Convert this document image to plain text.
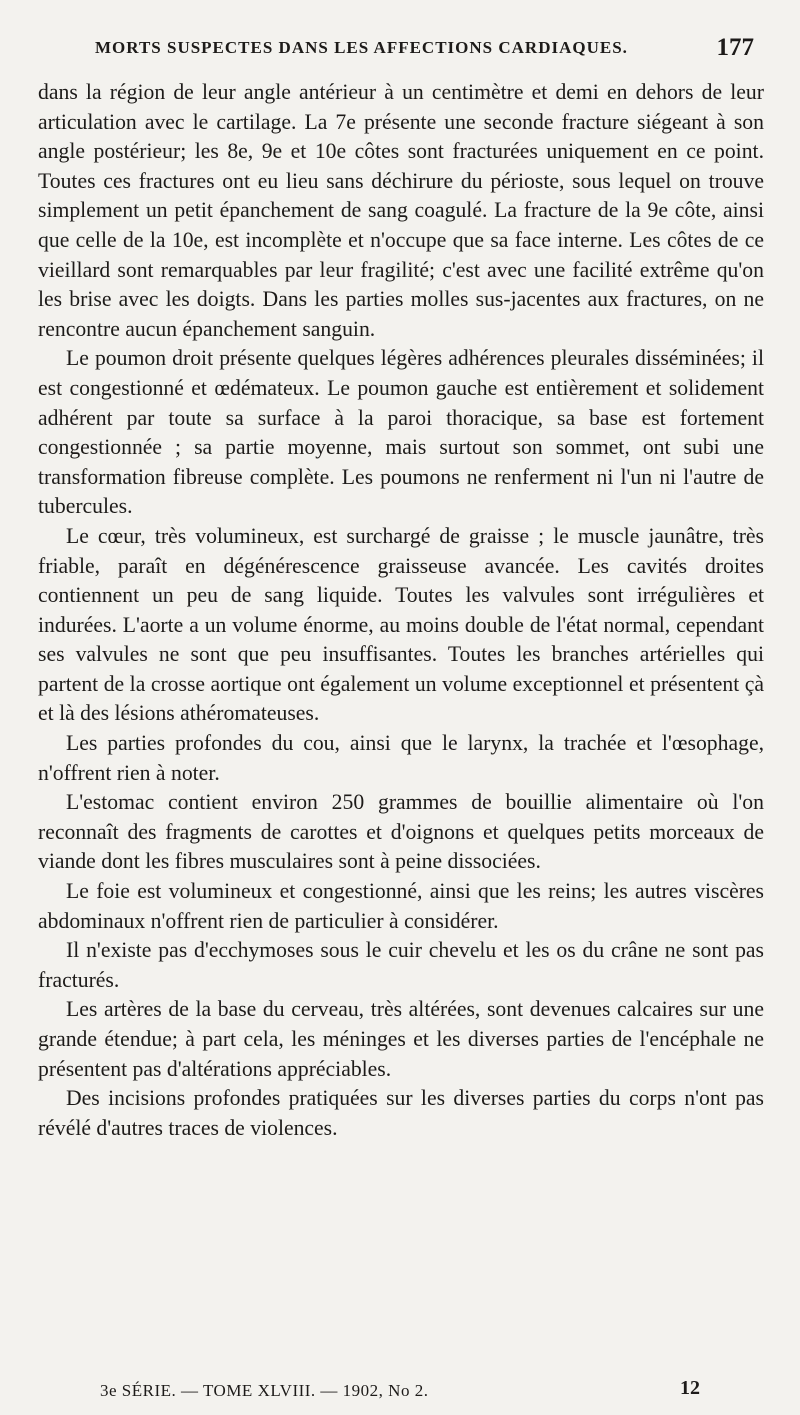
MORTS SUSPECTES DANS LES AFFECTIONS CARDIAQUES.	177

dans la région de leur angle antérieur à un centimètre et demi en dehors de leur articulation avec le cartilage. La 7e présente une seconde fracture siégeant à son angle postérieur; les 8e, 9e et 10e côtes sont fracturées uniquement en ce point. Toutes ces fractures ont eu lieu sans déchirure du périoste, sous lequel on trouve simplement un petit épanchement de sang coagulé. La fracture de la 9e côte, ainsi que celle de la 10e, est incomplète et n'occupe que sa face interne. Les côtes de ce vieillard sont remarquables par leur fragilité; c'est avec une facilité extrême qu'on les brise avec les doigts. Dans les parties molles sus-jacentes aux fractures, on ne rencontre aucun épanchement sanguin.

Le poumon droit présente quelques légères adhérences pleurales disséminées; il est congestionné et œdémateux. Le poumon gauche est entièrement et solidement adhérent par toute sa surface à la paroi thoracique, sa base est fortement congestionnée ; sa partie moyenne, mais surtout son sommet, ont subi une transformation fibreuse complète. Les poumons ne renferment ni l'un ni l'autre de tubercules.

Le cœur, très volumineux, est surchargé de graisse ; le muscle jaunâtre, très friable, paraît en dégénérescence graisseuse avancée. Les cavités droites contiennent un peu de sang liquide. Toutes les valvules sont irrégulières et indurées. L'aorte a un volume énorme, au moins double de l'état normal, cependant ses valvules ne sont que peu insuffisantes. Toutes les branches artérielles qui partent de la crosse aortique ont également un volume exceptionnel et présentent çà et là des lésions athéromateuses.

Les parties profondes du cou, ainsi que le larynx, la trachée et l'œsophage, n'offrent rien à noter.

L'estomac contient environ 250 grammes de bouillie alimentaire où l'on reconnaît des fragments de carottes et d'oignons et quelques petits morceaux de viande dont les fibres musculaires sont à peine dissociées.

Le foie est volumineux et congestionné, ainsi que les reins; les autres viscères abdominaux n'offrent rien de particulier à considérer.

Il n'existe pas d'ecchymoses sous le cuir chevelu et les os du crâne ne sont pas fracturés.

Les artères de la base du cerveau, très altérées, sont devenues calcaires sur une grande étendue; à part cela, les méninges et les diverses parties de l'encéphale ne présentent pas d'altérations appréciables.

Des incisions profondes pratiquées sur les diverses parties du corps n'ont pas révélé d'autres traces de violences.

3e SÉRIE. — TOME XLVIII. — 1902, No 2.	12
